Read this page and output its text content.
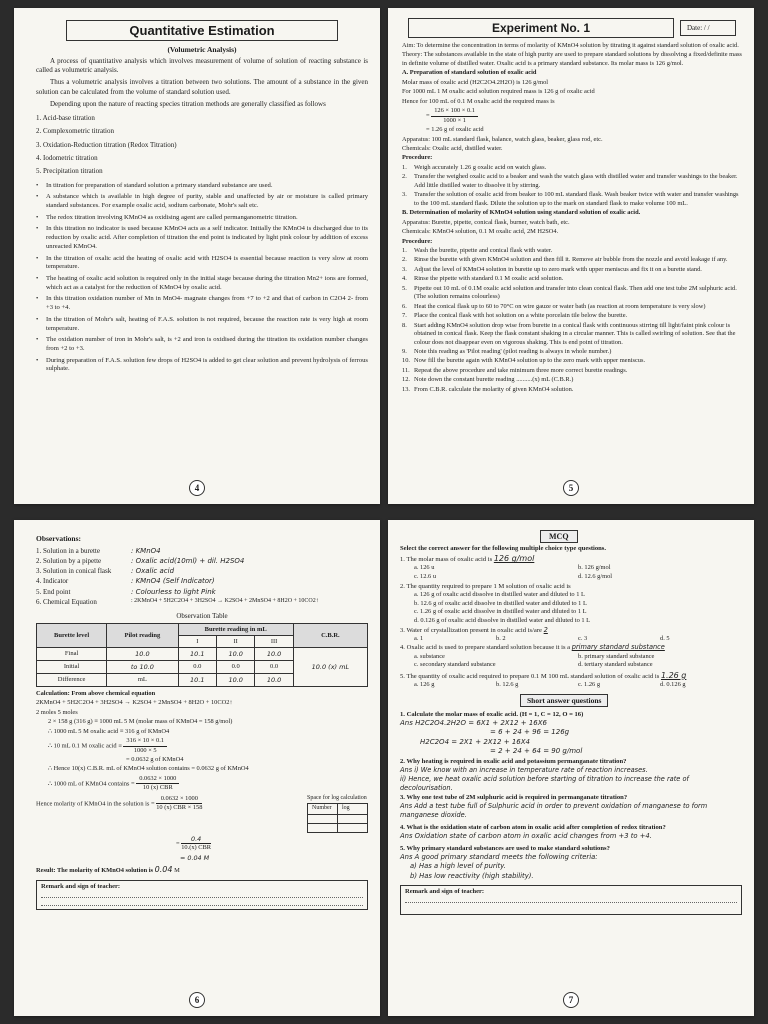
Quantitative Estimation
(Volumetric Analysis)

A process of quantitative analysis which involves measurement of volume of solution of reacting substance is called as volumetric analysis.

Thus a volumetric analysis involves a titration between two solutions. The amount of a substance in the given solution can be calculated from the volume of standard solution used.

Depending upon the nature of reacting species titration methods are generally classified as follows

1. Acid-base titration
2. Complexometric titration
3. Oxidation-Reduction titration (Redox Titration)
4. Iodometric titration
5. Precipitation titration
• In titration for preparation of standard solution a primary standard substance are used.
• A substance which is available in high degree of purity, stable and unaffected by air or moisture is called primary standard substances. For example oxalic acid, sodium carbonate, Mohr's salt etc.
• The redox titration involving KMnO4 as oxidising agent are called permanganometric titration.
• In this titration no indicator is used because KMnO4 acts as a self indicator. Initially the KMnO4 is discharged due to its reduction by oxalic acid. After completion of titration the end point is indicated by light pink colour by addition of excess unreacted KMnO4.
• In the titration of oxalic acid the heating of oxalic acid with H2SO4 is essential because reaction is very slow at room temperature.
• The heating of oxalic acid solution is required only in the initial stage because during the titration Mn2+ ions are formed, which act as a catalyst for the reduction of KMnO4 by oxalic acid.
• In this titration oxidation number of Mn in MnO4- magnate changes from +7 to +2 and that of carbon in C2O4 2- from +3 to +4.
• In the titration of Mohr's salt, heating of F.A.S. solution is not required, because the reaction rate is very high at room temperature.
• The oxidation number of iron in Mohr's salt, is +2 and iron is oxidised during the titration its oxidation number changes from +2 to +3.
• During preparation of F.A.S. solution few drops of H2SO4 is added to get clear solution and prevent hydrolysis of ferrous sulphate.
4
Experiment No. 1	Date: / /

Aim: To determine the concentration in terms of molarity of KMnO4 solution by titrating it against standard solution of oxalic acid.

Theory: The substances available in the state of high purity are used to prepare standard solutions by dissolving a fixed/definite mass in definite volume of distilled water. Oxalic acid is a primary standard substance. Its molar mass is 126 g/mol.

A. Preparation of standard solution of oxalic acid

Molar mass of oxalic acid (H2C2O4.2H2O) is 126 g/mol

For 1000 mL 1 M oxalic acid solution required mass is 126 g of oxalic acid

Hence for 100 mL of 0.1 M oxalic acid the required mass is

= $\frac{126 \times 100 \times 0.1}{1000 \times 1}$

= 1.26 g of oxalic acid

Apparatus: 100 mL standard flask, balance, watch glass, beaker, glass rod, etc.

Chemicals: Oxalic acid, distilled water.

Procedure:

1.	Weigh accurately 1.26 g oxalic acid on watch glass.
2.	Transfer the weighed oxalic acid to a beaker and wash the watch glass with distilled water and transfer washings to the beaker. Add little distilled water to dissolve it by stirring.
3.	Transfer the solution of oxalic acid from beaker to 100 mL standard flask. Wash beaker twice with water and transfer washings to the 100 mL standard flask. Dilute the solution up to the mark on standard flask to make volume 100 mL.

B. Determination of molarity of KMnO4 solution using standard solution of oxalic acid.

Apparatus: Burette, pipette, conical flask, burner, watch bath, etc.

Chemicals: KMnO4 solution, 0.1 M oxalic acid, 2M H2SO4.

Procedure:

1.	Wash the burette, pipette and conical flask with water.
2.	Rinse the burette with given KMnO4 solution and then fill it. Remove air bubble from the nozzle and avoid leakage if any.
3.	Adjust the level of KMnO4 solution in burette up to zero mark with upper meniscus and fix it on a burette stand.
4.	Rinse the pipette with standard 0.1 M oxalic acid solution.
5.	Pipette out 10 mL of 0.1M oxalic acid solution and transfer into clean conical flask. Then add one test tube 2M sulphuric acid. (The solution remains colourless)
6.	Heat the conical flask up to 60 to 70°C on wire gauze or water bath (as reaction at room temperature is very slow)
7.	Place the conical flask with hot solution on a white porcelain tile below the burette.
8.	Start adding KMnO4 solution drop wise from burette in a conical flask with continuous stirring till light/faint pink colour is obtained in conical flask. Keep the flask constant shaking in a circular manner. This is called swirling of solution. See that the colour does not disappear even on vigorous shaking. This is end point of titration.
9.	Note this reading as 'Pilot reading' (pilot reading is always in whole number.)
10. Now fill the burette again with KMnO4 solution up to the zero mark with upper meniscus.
11. Repeat the above procedure and take minimum three more correct burette readings.
12. Note down the constant burette reading ..........(x) mL (C.B.R.)
13. From C.B.R. calculate the molarity of given KMnO4 solution.
5
Observations:
1. Solution in a burette	: KMnO4
2. Solution by a pipette	: Oxalic acid(10ml) + dil. H2SO4
3. Solution in conical flask	: Oxalic acid
4. Indicator	: KMnO4 (Self Indicator)
5. End point	: Colourless to light Pink
6. Chemical Equation	: 2KMnO4 + 5H2C2O4 + 3H2SO4 → K2SO4 + 2MnSO4 + 8H2O + 10CO2↑
Observation Table
Burette level	Pilot reading	Burette reading in mL			C.B.R.
		I	II	III	
Final	10.0	10.1	10.0	10.0	10.0 (x) mL
Initial	to 10.0	0.0	0.0	0.0	
Difference	mL	10.1	10.0	10.0	

Calculation: From above chemical equation

2KMnO4 + 5H2C2O4 + 3H2SO4 → K2SO4 + 2MnSO4 + 8H2O + 10CO2↑

2 moles 5 moles

2 × 158 g (316 g) ≡ 1000 mL 5 M (molar mass of KMnO4 = 158 g/mol)

∴ 1000 mL 5 M oxalic acid ≡ 316 g of KMnO4

∴ 10 mL 0.1 M oxalic acid ≡ $\frac{316 \times 10 \times 0.1}{1000 \times 5}$

= 0.0632 g of KMnO4

∴ Hence 10(x) C.B.R. mL of KMnO4 solution contains = 0.0632 g of KMnO4

∴ 1000 mL of KMnO4 contains = $\frac{0.0632 \times 1000}{\text{10 (x) CBR}}$

Hence molarity of KMnO4 in the solution is = $\frac{0.0632 \times 1000}{\text{10 (x) CBR × 158}}$	Space for log calculation
Number	log

= $\frac{0.4}{\text{10.(x) CBR}}$

= 0.04 M

Result: The molarity of KMnO4 solution is 0.04 M

Remark and sign of teacher:
6
MCQ
Select the correct answer for the following multiple choice type questions.
1. The molar mass of oxalic acid is 126 g/mol
a. 126 u	b. 126 g/mol
c. 12.6 u	d. 12.6 g/mol
2. The quantity required to prepare 1 M solution of oxalic acid is
a. 126 g of oxalic acid dissolve in distilled water and diluted to 1 L
b. 12.6 g of oxalic acid dissolve in distilled water and diluted to 1 L
c. 1.26 g of oxalic acid dissolve in distilled water and diluted to 1 L
d. 0.126 g of oxalic acid dissolve in distilled water and diluted to 1 L
3. Water of crystallization present in oxalic acid is/are 2
a. 1	b. 2	c. 3	d. 5
4. Oxalic acid is used to prepare standard solution because it is a primary standard substance
a. substance	b. primary standard substance
c. secondary standard substance	d. tertiary standard substance
5. The quantity of oxalic acid required to prepare 0.1 M 100 mL standard solution of oxalic acid is 1.26 g
a. 126 g	b. 12.6 g	c. 1.26 g	d. 0.126 g
Short answer questions
1. Calculate the molar mass of oxalic acid. (H = 1, C = 12, O = 16)
Ans H2C2O4.2H2O = 6X1 + 2X12 + 16X6
= 6 + 24 + 96 = 126g
H2C2O4 = 2X1 + 2X12 + 16X4
= 2 + 24 + 64 = 90 g/mol
2. Why heating is required in oxalic acid and potassium permanganate titration?
Ans i) We know with an increase in temperature rate of reaction increases.
ii) Hence, we heat oxalic acid solution before starting of titration to increase the rate of decolourisation.
3. Why one test tube of 2M sulphuric acid is required in permanganate titration?
Ans Add a test tube full of Sulphuric acid in order to prevent oxidation of manganese to form manganese dioxide.
4. What is the oxidation state of carbon atom in oxalic acid after completion of redox titration?
Ans Oxidation state of carbon atom in oxalic acid changes from +3 to +4.
5. Why primary standard substances are used to make standard solutions?
Ans A good primary standard meets the following criteria:
a) Has a high level of purity.
b) Has low reactivity (high stability).
Remark and sign of teacher:
7
